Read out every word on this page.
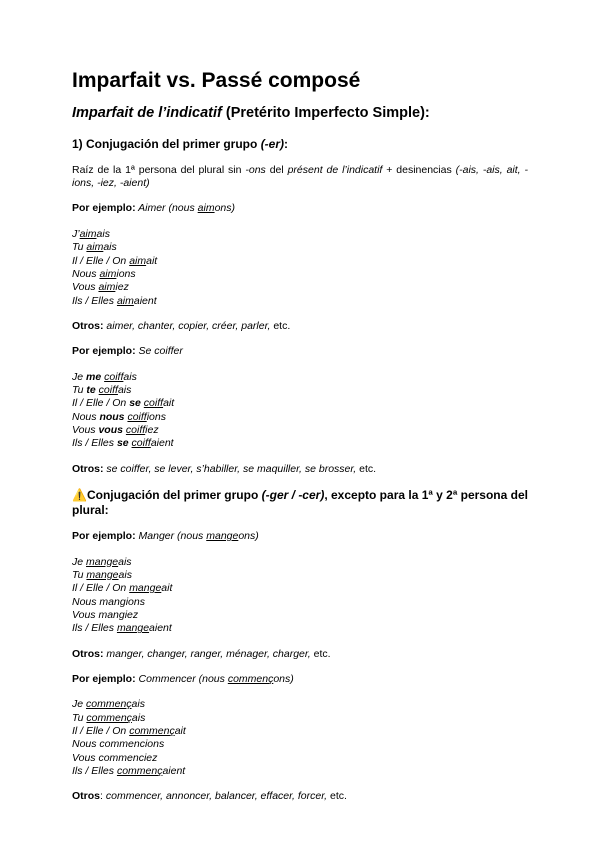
Imparfait vs. Passé composé
Imparfait de l’indicatif (Pretérito Imperfecto Simple):
1) Conjugación del primer grupo (-er):

Raíz de la 1ª persona del plural sin -ons del présent de l’indicatif + desinencias (-ais, -ais, ait, -ions, -iez, -aient)

Por ejemplo: Aimer (nous aimons)

J’aimais

Tu aimais

Il / Elle / On aimait

Nous aimions

Vous aimiez

Ils / Elles aimaient

Otros: aimer, chanter, copier, créer, parler, etc.

Por ejemplo: Se coiffer

Je me coiffais

Tu te coiffais

Il / Elle / On se coiffait

Nous nous coiffions

Vous vous coiffiez

Ils / Elles se coiffaient

Otros: se coiffer, se lever, s’habiller, se maquiller, se brosser, etc.

⚠️Conjugación del primer grupo (-ger / -cer), excepto para la 1ª y 2ª persona del plural:

Por ejemplo: Manger (nous mangeons)

Je mangeais

Tu mangeais

Il / Elle / On mangeait

Nous mangions

Vous mangiez

Ils / Elles mangeaient

Otros: manger, changer, ranger, ménager, charger, etc.

Por ejemplo: Commencer (nous commençons)

Je commençais

Tu commençais

Il / Elle / On commençait

Nous commencions

Vous commenciez

Ils / Elles commençaient

Otros: commencer, annoncer, balancer, effacer, forcer, etc.
